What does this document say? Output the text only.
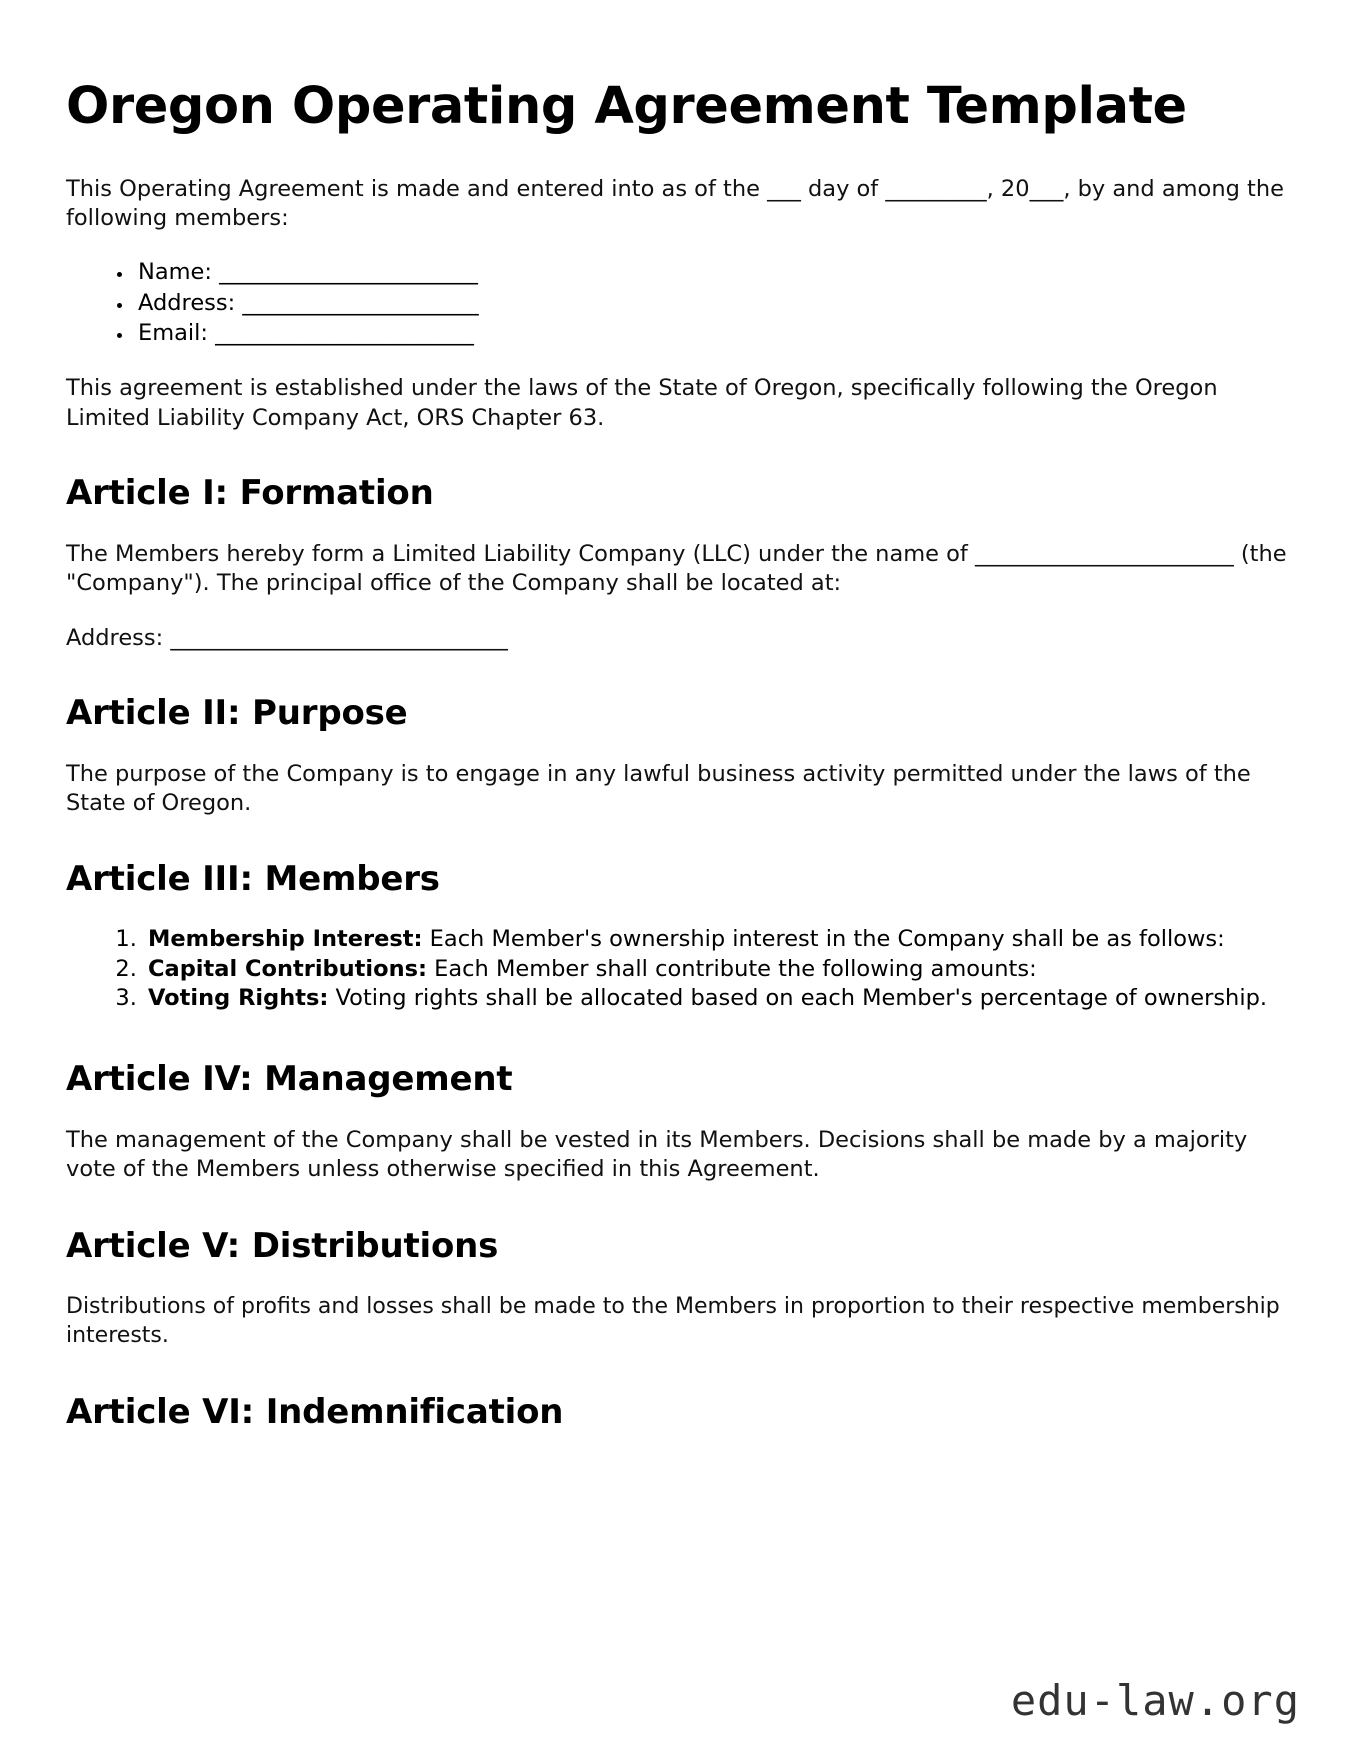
Oregon Operating Agreement Template

This Operating Agreement is made and entered into as of the ___ day of _________, 20___, by and among the following members:

• Name: _______________________
• Address: _____________________
• Email: _______________________

This agreement is established under the laws of the State of Oregon, specifically following the Oregon Limited Liability Company Act, ORS Chapter 63.

Article I: Formation

The Members hereby form a Limited Liability Company (LLC) under the name of _______________________ (the "Company"). The principal office of the Company shall be located at:

Address: ______________________________

Article II: Purpose

The purpose of the Company is to engage in any lawful business activity permitted under the laws of the State of Oregon.

Article III: Members
1. Membership Interest: Each Member's ownership interest in the Company shall be as follows:
2. Capital Contributions: Each Member shall contribute the following amounts:
3. Voting Rights: Voting rights shall be allocated based on each Member's percentage of ownership.
Article IV: Management

The management of the Company shall be vested in its Members. Decisions shall be made by a majority vote of the Members unless otherwise specified in this Agreement.

Article V: Distributions

Distributions of profits and losses shall be made to the Members in proportion to their respective membership interests.

Article VI: Indemnification
edu-law.org
